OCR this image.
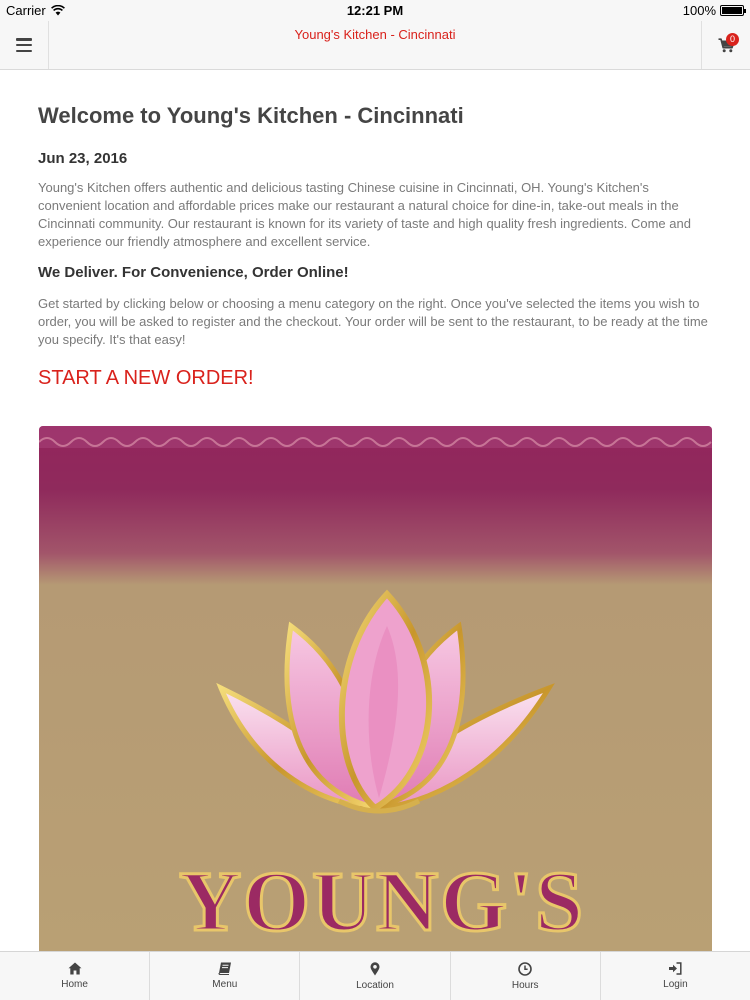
Carrier	12:21 PM	100%
Young's Kitchen - Cincinnati	0
Welcome to Young's Kitchen - Cincinnati
Jun 23, 2016

Young's Kitchen offers authentic and delicious tasting Chinese cuisine in Cincinnati, OH. Young's Kitchen's convenient location and affordable prices make our restaurant a natural choice for dine-in, take-out meals in the Cincinnati community. Our restaurant is known for its variety of taste and high quality fresh ingredients. Come and experience our friendly atmosphere and excellent service.

We Deliver. For Convenience, Order Online!

Get started by clicking below or choosing a menu category on the right. Once you've selected the items you wish to order, you will be asked to register and the checkout. Your order will be sent to the restaurant, to be ready at the time you specify. It's that easy!

START A NEW ORDER!
YOUNG'S
Home	Menu	Location	Hours	Login
